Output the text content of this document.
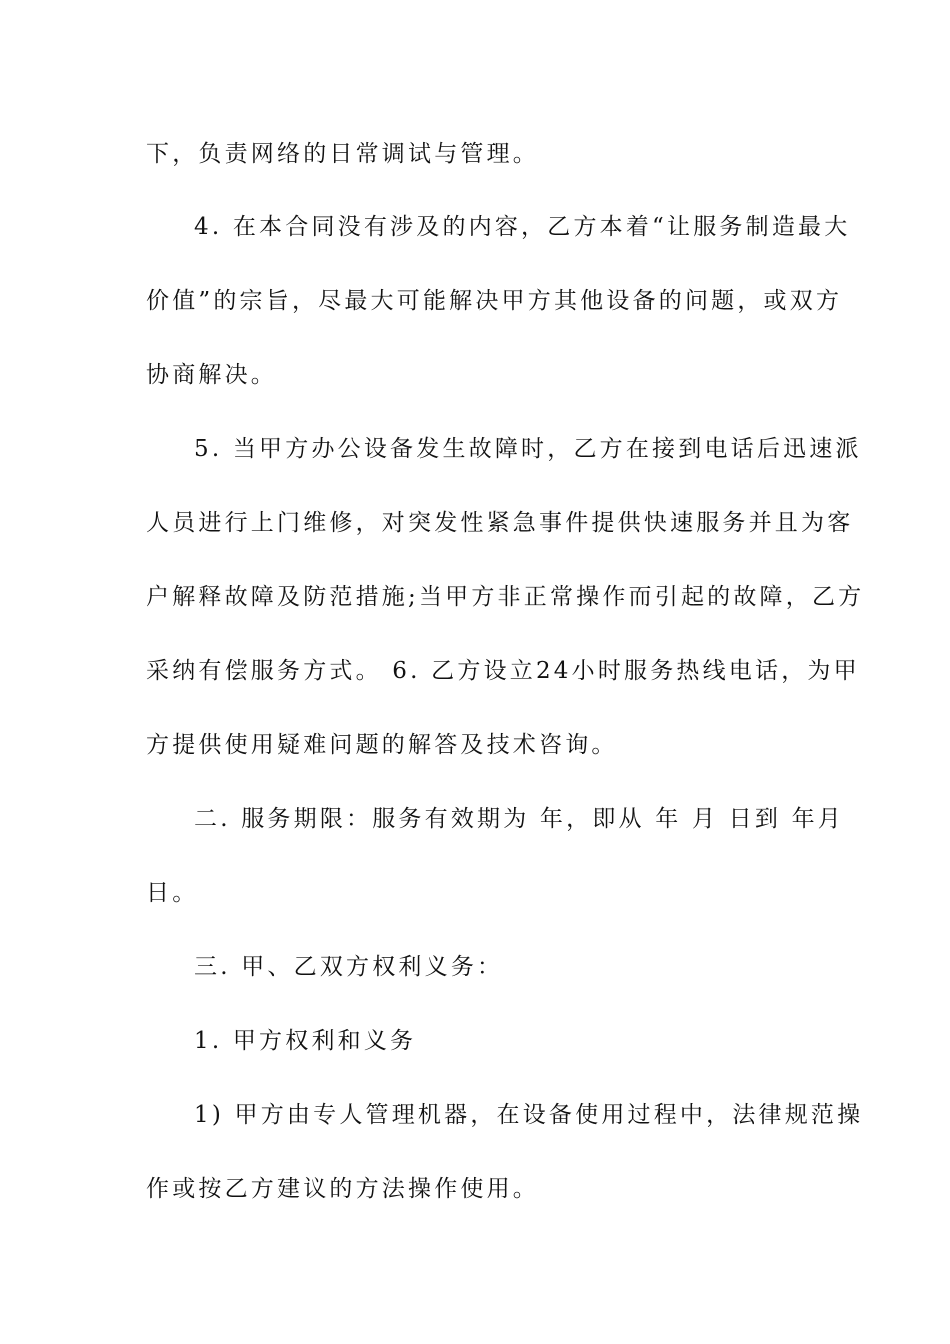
下，负责网络的日常调试与管理。
4. 在本合同没有涉及的内容，乙方本着“让服务制造最大
价值”的宗旨，尽最大可能解决甲方其他设备的问题，或双方
协商解决。
5. 当甲方办公设备发生故障时，乙方在接到电话后迅速派
人员进行上门维修，对突发性紧急事件提供快速服务并且为客
户解释故障及防范措施;当甲方非正常操作而引起的故障，乙方
采纳有偿服务方式。 6. 乙方设立24小时服务热线电话，为甲
方提供使用疑难问题的解答及技术咨询。
二. 服务期限：服务有效期为 年，即从 年 月 日到 年月
日。
三. 甲、乙双方权利义务：
1. 甲方权利和义务
1) 甲方由专人管理机器，在设备使用过程中，法律规范操
作或按乙方建议的方法操作使用。
